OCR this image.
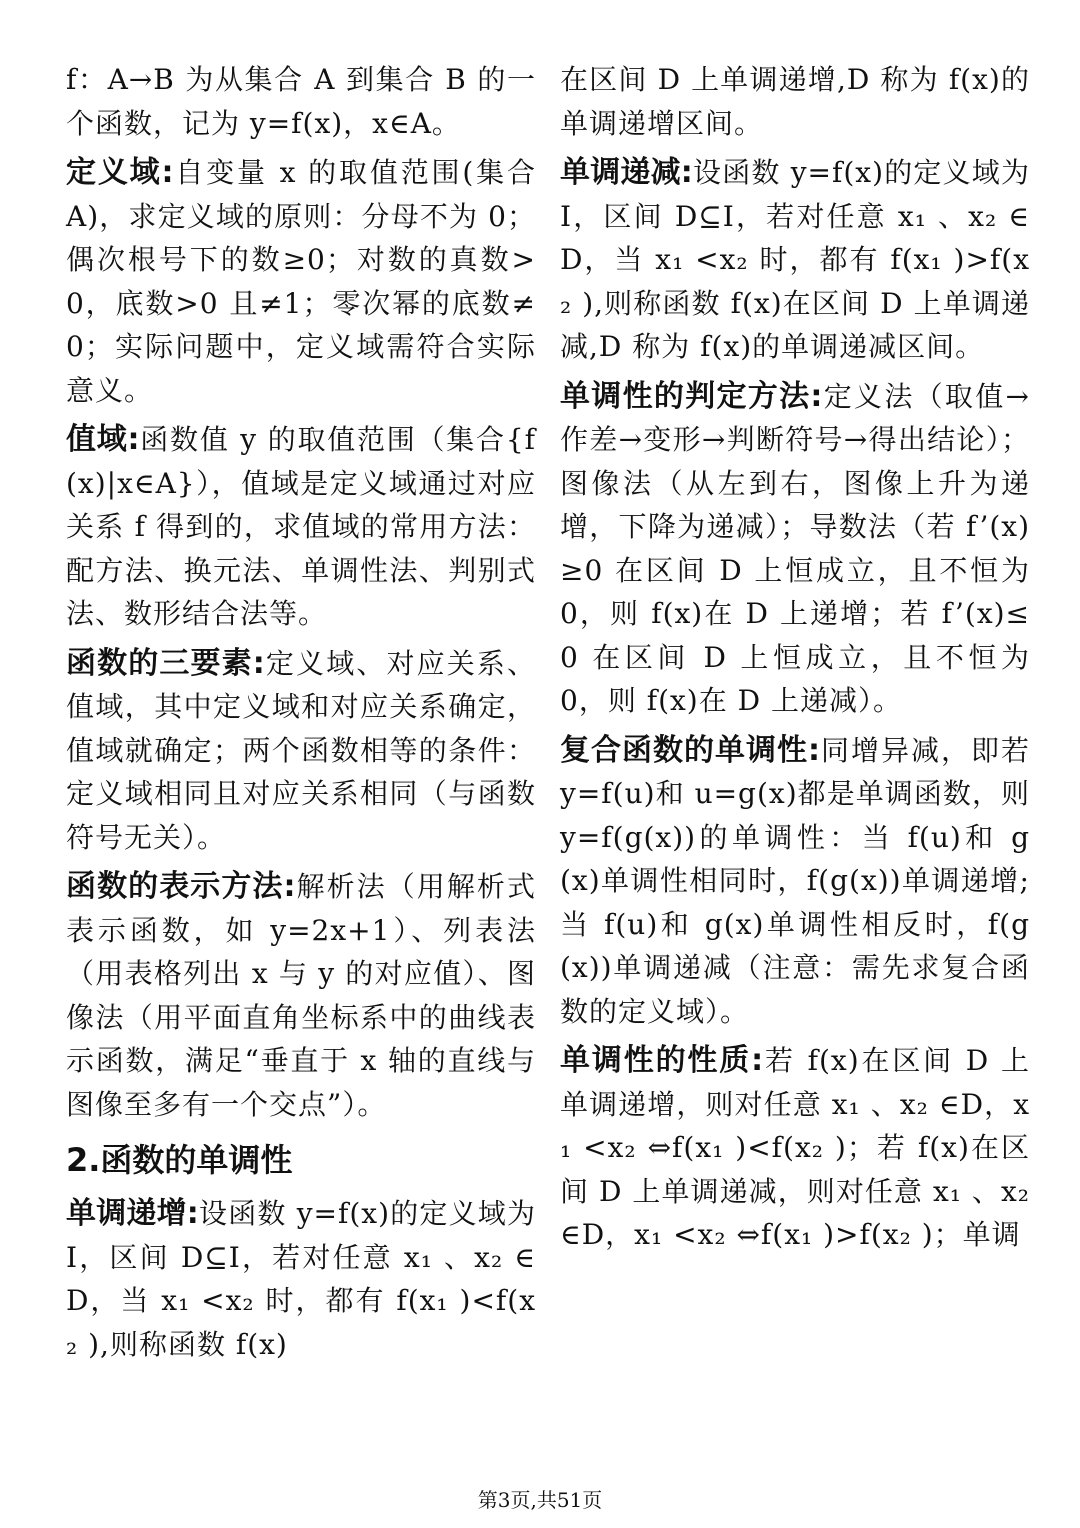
f：A→B 为从集合 A 到集合 B 的一个函数，记为 y=f(x)，x∈A。

定义域:自变量 x 的取值范围(集合 A)，求定义域的原则：分母不为 0；偶次根号下的数≥0；对数的真数>0，底数>0 且≠1；零次幂的底数≠0；实际问题中，定义域需符合实际意义。

值域:函数值 y 的取值范围（集合{f(x)|x∈A}），值域是定义域通过对应关系 f 得到的，求值域的常用方法：配方法、换元法、单调性法、判别式法、数形结合法等。

函数的三要素:定义域、对应关系、值域，其中定义域和对应关系确定，值域就确定；两个函数相等的条件：定义域相同且对应关系相同（与函数符号无关）。

函数的表示方法:解析法（用解析式表示函数，如 y=2x+1）、列表法（用表格列出 x 与 y 的对应值）、图像法（用平面直角坐标系中的曲线表示函数，满足“垂直于 x 轴的直线与图像至多有一个交点”）。

2.函数的单调性

单调递增:设函数 y=f(x)的定义域为 I，区间 D⊆I，若对任意 x₁ 、x₂ ∈D，当 x₁ <x₂ 时，都有 f(x₁ )<f(x₂ ),则称函数 f(x)

在区间 D 上单调递增,D 称为 f(x)的单调递增区间。

单调递减:设函数 y=f(x)的定义域为 I，区间 D⊆I，若对任意 x₁ 、x₂ ∈D，当 x₁ <x₂ 时，都有 f(x₁ )>f(x₂ ),则称函数 f(x)在区间 D 上单调递减,D 称为 f(x)的单调递减区间。

单调性的判定方法:定义法（取值→作差→变形→判断符号→得出结论）；图像法（从左到右，图像上升为递增，下降为递减）；导数法（若 f’(x)≥0 在区间 D 上恒成立，且不恒为 0，则 f(x)在 D 上递增；若 f’(x)≤0 在区间 D 上恒成立，且不恒为 0，则 f(x)在 D 上递减）。

复合函数的单调性:同增异减，即若 y=f(u)和 u=g(x)都是单调函数，则 y=f(g(x))的单调性：当 f(u)和 g(x)单调性相同时，f(g(x))单调递增;当 f(u)和 g(x)单调性相反时，f(g(x))单调递减（注意：需先求复合函数的定义域）。

单调性的性质:若 f(x)在区间 D 上单调递增，则对任意 x₁ 、x₂ ∈D，x₁ <x₂ ⇔f(x₁ )<f(x₂ )；若 f(x)在区间 D 上单调递减，则对任意 x₁ 、x₂ ∈D，x₁ <x₂ ⇔f(x₁ )>f(x₂ )；单调

第3页,共51页
